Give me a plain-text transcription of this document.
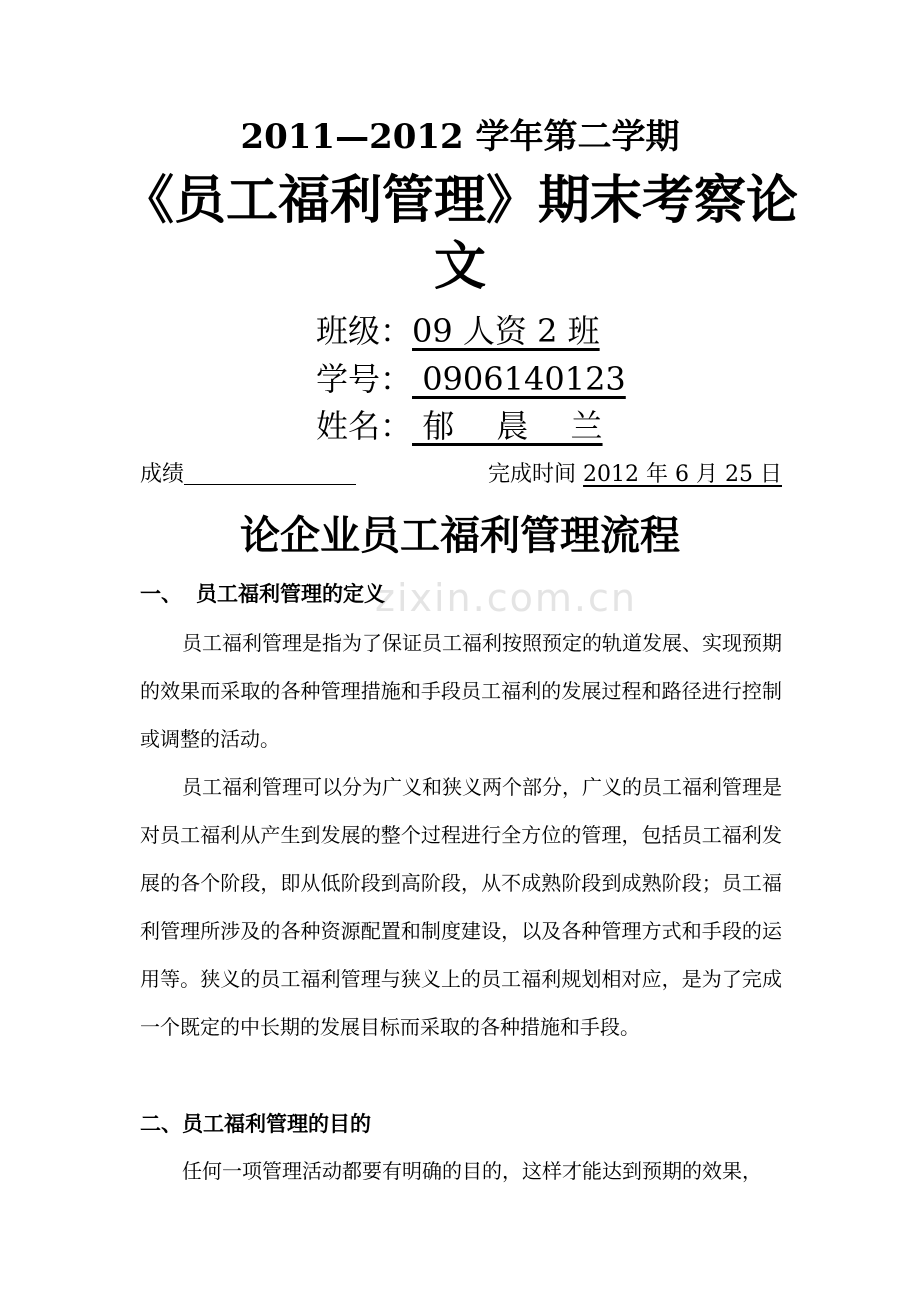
2011—2012 学年第二学期
《员工福利管理》期末考察论文
班级：09 人资 2 班
学号： 0906140123
姓名： 郁　 晨　 兰
成绩	完成时间 2012 年 6 月 25 日
论企业员工福利管理流程
zixin.com.cn
一、 员工福利管理的定义

员工福利管理是指为了保证员工福利按照预定的轨道发展、实现预期的效果而采取的各种管理措施和手段员工福利的发展过程和路径进行控制或调整的活动。

员工福利管理可以分为广义和狭义两个部分，广义的员工福利管理是对员工福利从产生到发展的整个过程进行全方位的管理，包括员工福利发展的各个阶段，即从低阶段到高阶段，从不成熟阶段到成熟阶段；员工福利管理所涉及的各种资源配置和制度建设，以及各种管理方式和手段的运用等。狭义的员工福利管理与狭义上的员工福利规划相对应，是为了完成一个既定的中长期的发展目标而采取的各种措施和手段。

二、员工福利管理的目的

任何一项管理活动都要有明确的目的，这样才能达到预期的效果，
